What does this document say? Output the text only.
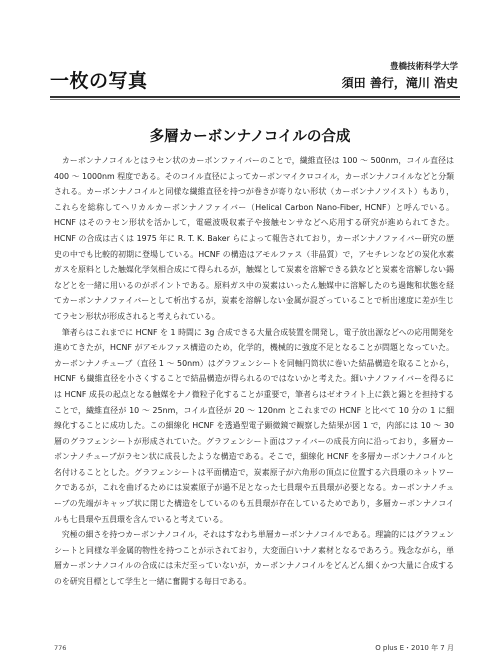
一枚の写真
豊橋技術科学大学
須田 善行，滝川 浩史
多層カーボンナノコイルの合成

カーボンナノコイルとはラセン状のカーボンファイバーのことで，繊維直径は 100 ～ 500nm，コイル直径は 400 ～ 1000nm 程度である。そのコイル直径によってカーボンマイクロコイル，カーボンナノコイルなどと分類される。カーボンナノコイルと同様な繊維直径を持つが巻きが寄りない形状（カーボンナノツイスト）もあり，これらを総称してヘリカルカーボンナノファイバー（Helical Carbon Nano-Fiber, HCNF）と呼んでいる。HCNF はそのラセン形状を活かして，電磁波吸収素子や接触センサなどへ応用する研究が進められてきた。HCNF の合成は古くは 1975 年に R. T. K. Baker らによって報告されており，カーボンナノファイバー研究の歴史の中でも比較的初期に登場している。HCNF の構造はアモルファス（非晶質）で，アセチレンなどの炭化水素ガスを原料とした触媒化学気相合成にて得られるが，触媒として炭素を溶解できる鉄などと炭素を溶解しない錫などとを一緒に用いるのがポイントである。原料ガス中の炭素はいったん触媒中に溶解したのち過飽和状態を経てカーボンナノファイバーとして析出するが，炭素を溶解しない金属が混ざっていることで析出速度に差が生じてラセン形状が形成されると考えられている。

筆者らはこれまでに HCNF を 1 時間に 3g 合成できる大量合成装置を開発し，電子放出源などへの応用開発を進めてきたが，HCNF がアモルファス構造のため，化学的，機械的に強度不足となることが問題となっていた。カーボンナノチューブ（直径 1 ～ 50nm）はグラフェンシートを同軸円筒状に巻いた結晶構造を取ることから，HCNF も繊維直径を小さくすることで結晶構造が得られるのではないかと考えた。細いナノファイバーを得るには HCNF 成長の起点となる触媒をナノ微粒子化することが重要で，筆者らはゼオライト上に鉄と錫とを担持することで，繊維直径が 10 ～ 25nm，コイル直径が 20 ～ 120nm とこれまでの HCNF と比べて 10 分の 1 に細線化することに成功した。この細線化 HCNF を透過型電子顕微鏡で観察した結果が図 1 で，内部には 10 ～ 30 層のグラフェンシートが形成されていた。グラフェンシート面はファイバーの成長方向に沿っており，多層カーボンナノチューブがラセン状に成長したような構造である。そこで，細線化 HCNF を多層カーボンナノコイルと名付けることとした。グラフェンシートは平面構造で，炭素原子が六角形の頂点に位置する六員環のネットワークであるが，これを曲げるためには炭素原子が過不足となった七員環や五員環が必要となる。カーボンナノチューブの先端がキャップ状に閉じた構造をしているのも五員環が存在しているためであり，多層カーボンナノコイルも七員環や五員環を含んでいると考えている。

究極の細さを持つカーボンナノコイル，それはすなわち単層カーボンナノコイルである。理論的にはグラフェンシートと同様な半金属的物性を持つことが示されており，大変面白いナノ素材となるであろう。残念ながら，単層カーボンナノコイルの合成には未だ至っていないが，カーボンナノコイルをどんどん細くかつ大量に合成するのを研究目標として学生と一緒に奮闘する毎日である。

776	O plus E・2010 年 7 月
